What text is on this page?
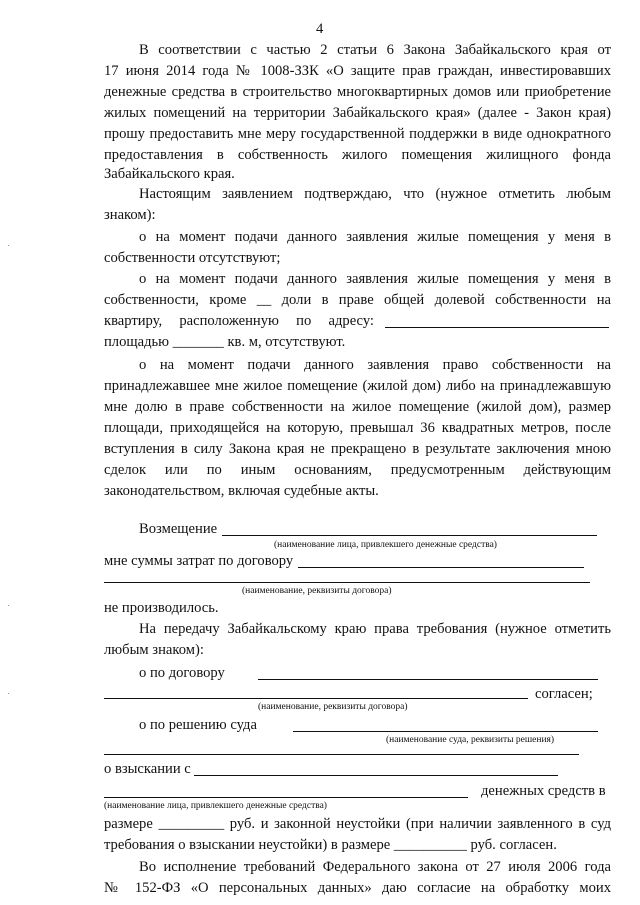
4
В соответствии с частью 2 статьи 6 Закона Забайкальского края от
17 июня 2014 года № 1008-ЗЗК «О защите прав граждан, инвестировавших
денежные средства в строительство многоквартирных домов или приобретение
жилых помещений на территории Забайкальского края» (далее - Закон края)
прошу предоставить мне меру государственной поддержки в виде однократного
предоставления в собственность жилого помещения жилищного фонда
Забайкальского края.
Настоящим заявлением подтверждаю, что (нужное отметить любым
знаком):
о на момент подачи данного заявления жилые помещения у меня в
собственности отсутствуют;
о на момент подачи данного заявления жилые помещения у меня в
собственности, кроме __ доли в праве общей долевой собственности на
квартиру, расположенную по адресу:
площадью _______ кв. м, отсутствуют.
о на момент подачи данного заявления право собственности на
принадлежавшее мне жилое помещение (жилой дом) либо на принадлежавшую
мне долю в праве собственности на жилое помещение (жилой дом), размер
площади, приходящейся на которую, превышал 36 квадратных метров, после
вступления в силу Закона края не прекращено в результате заключения мною
сделок или по иным основаниям, предусмотренным действующим
законодательством, включая судебные акты.
Возмещение
(наименование лица, привлекшего денежные средства)
мне суммы затрат по договору
(наименование, реквизиты договора)
не производилось.
На передачу Забайкальскому краю права требования (нужное отметить
любым знаком):
о по договору
согласен;
(наименование, реквизиты договора)
о по решению суда
(наименование суда, реквизиты решения)
о взыскании с
денежных средств в
(наименование лица, привлекшего денежные средства)
размере _________ руб. и законной неустойки (при наличии заявленного в суд
требования о взыскании неустойки) в размере __________ руб. согласен.
Во исполнение требований Федерального закона от 27 июля 2006 года
№ 152-ФЗ «О персональных данных» даю согласие на обработку моих
